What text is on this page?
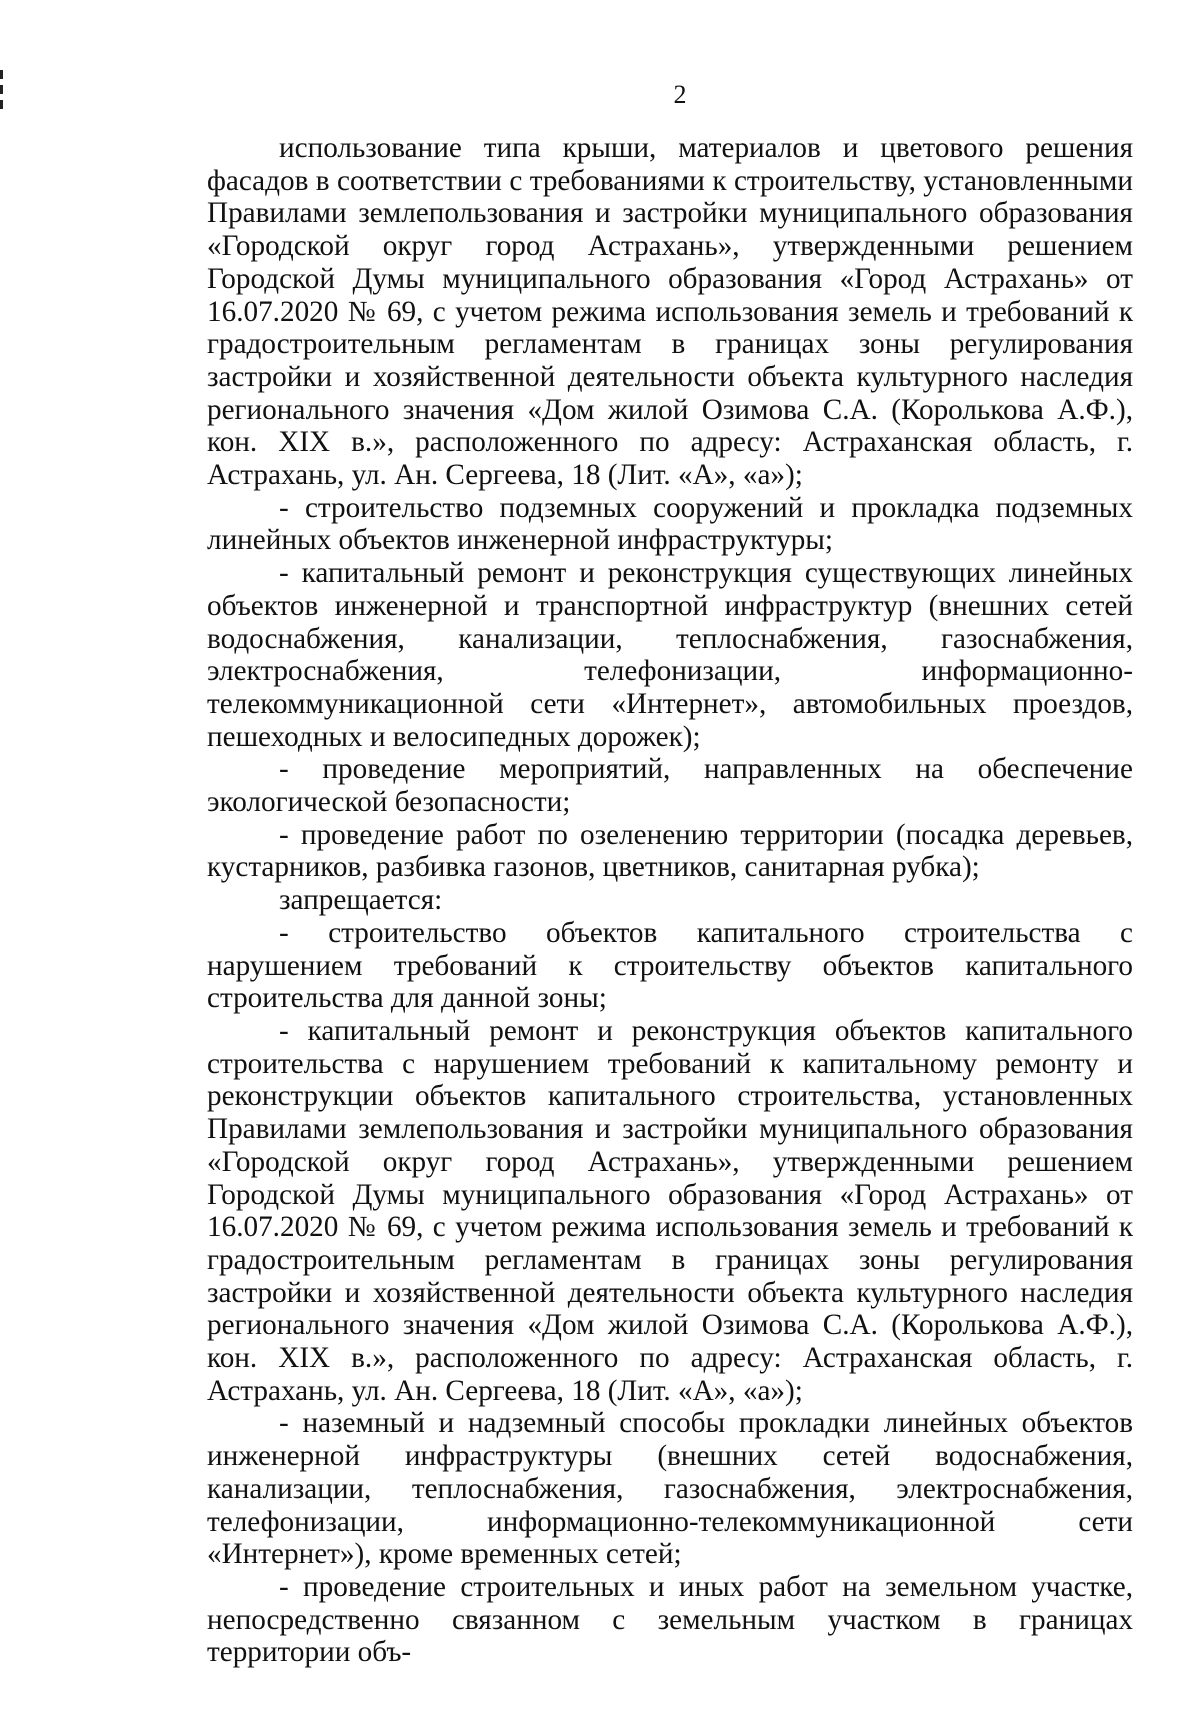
2

использование типа крыши, материалов и цветового решения фасадов в соответствии с требованиями к строительству, установленными Правилами землепользования и застройки муниципального образования «Городской округ город Астрахань», утвержденными решением Городской Думы муниципального образования «Город Астрахань» от 16.07.2020 № 69, с учетом режима использования земель и требований к градостроительным регламентам в границах зоны регулирования застройки и хозяйственной деятельности объекта культурного наследия регионального значения «Дом жилой Озимова С.А. (Королькова А.Ф.), кон. XIX в.», расположенного по адресу: Астраханская область, г. Астрахань, ул. Ан. Сергеева, 18 (Лит. «А», «а»);

- строительство подземных сооружений и прокладка подземных линейных объектов инженерной инфраструктуры;

- капитальный ремонт и реконструкция существующих линейных объектов инженерной и транспортной инфраструктур (внешних сетей водоснабжения, канализации, теплоснабжения, газоснабжения, электроснабжения, телефонизации, информационно-телекоммуникационной сети «Интернет», автомобильных проездов, пешеходных и велосипедных дорожек);

- проведение мероприятий, направленных на обеспечение экологической безопасности;

- проведение работ по озеленению территории (посадка деревьев, кустарников, разбивка газонов, цветников, санитарная рубка);

запрещается:

- строительство объектов капитального строительства с нарушением требований к строительству объектов капитального строительства для данной зоны;

- капитальный ремонт и реконструкция объектов капитального строительства с нарушением требований к капитальному ремонту и реконструкции объектов капитального строительства, установленных Правилами землепользования и застройки муниципального образования «Городской округ город Астрахань», утвержденными решением Городской Думы муниципального образования «Город Астрахань» от 16.07.2020 № 69, с учетом режима использования земель и требований к градостроительным регламентам в границах зоны регулирования застройки и хозяйственной деятельности объекта культурного наследия регионального значения «Дом жилой Озимова С.А. (Королькова А.Ф.), кон. XIX в.», расположенного по адресу: Астраханская область, г. Астрахань, ул. Ан. Сергеева, 18 (Лит. «А», «а»);

- наземный и надземный способы прокладки линейных объектов инженерной инфраструктуры (внешних сетей водоснабжения, канализации, теплоснабжения, газоснабжения, электроснабжения, телефонизации, информационно-телекоммуникационной сети «Интернет»), кроме временных сетей;

- проведение строительных и иных работ на земельном участке, непосредственно связанном с земельным участком в границах территории объ-
